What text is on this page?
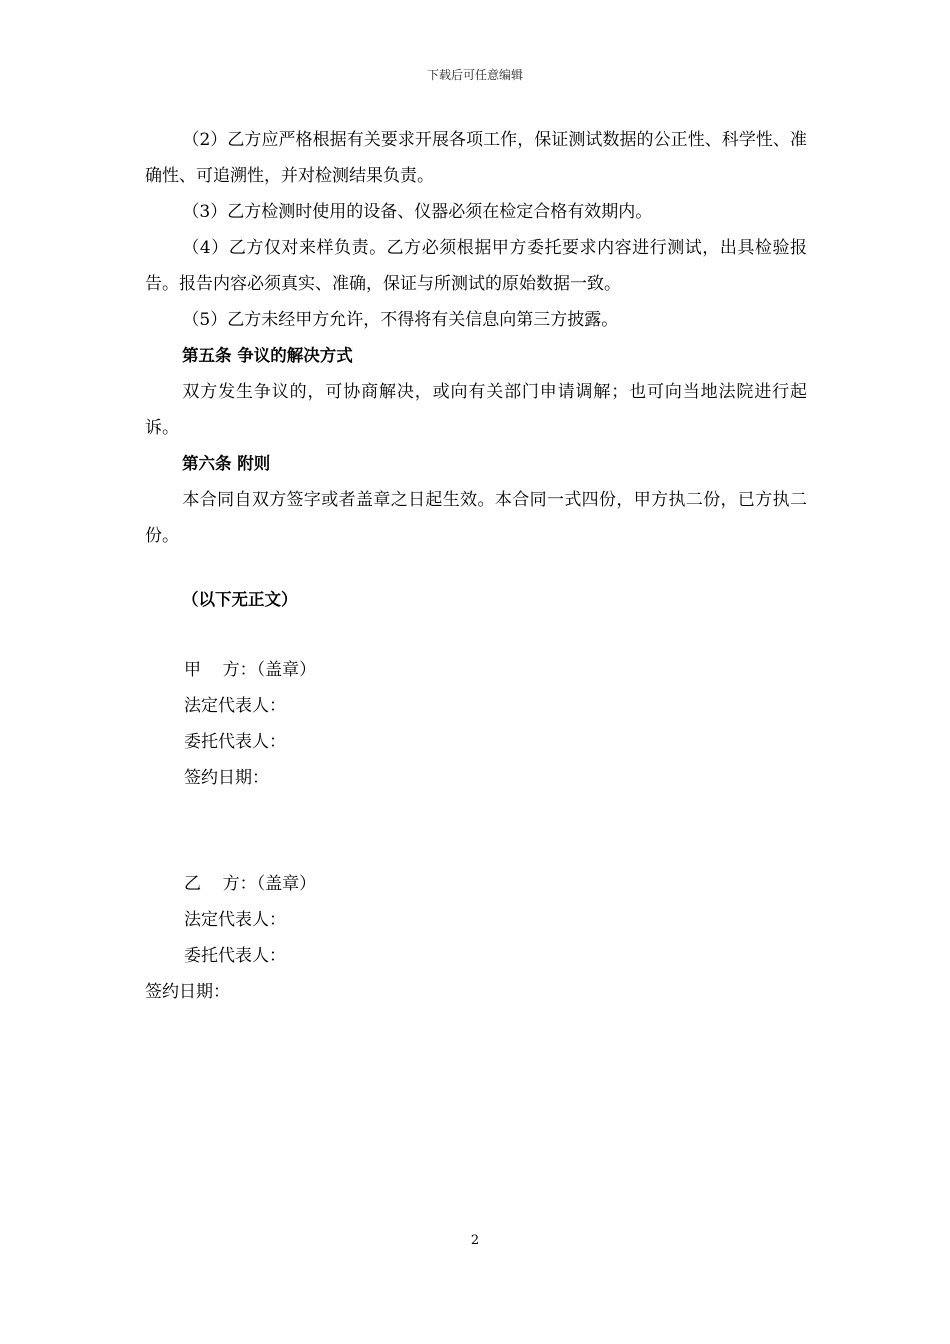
下载后可任意编辑

（2）乙方应严格根据有关要求开展各项工作，保证测试数据的公正性、科学性、准确性、可追溯性，并对检测结果负责。

（3）乙方检测时使用的设备、仪器必须在检定合格有效期内。

（4）乙方仅对来样负责。乙方必须根据甲方委托要求内容进行测试，出具检验报告。报告内容必须真实、准确，保证与所测试的原始数据一致。

（5）乙方未经甲方允许，不得将有关信息向第三方披露。

第五条 争议的解决方式

双方发生争议的，可协商解决，或向有关部门申请调解；也可向当地法院进行起诉。

第六条 附则

本合同自双方签字或者盖章之日起生效。本合同一式四份，甲方执二份，已方执二份。

（以下无正文）

甲    方：（盖章）

法定代表人：

委托代表人：

签约日期：

乙    方：（盖章）

法定代表人：

委托代表人：

签约日期：

2
